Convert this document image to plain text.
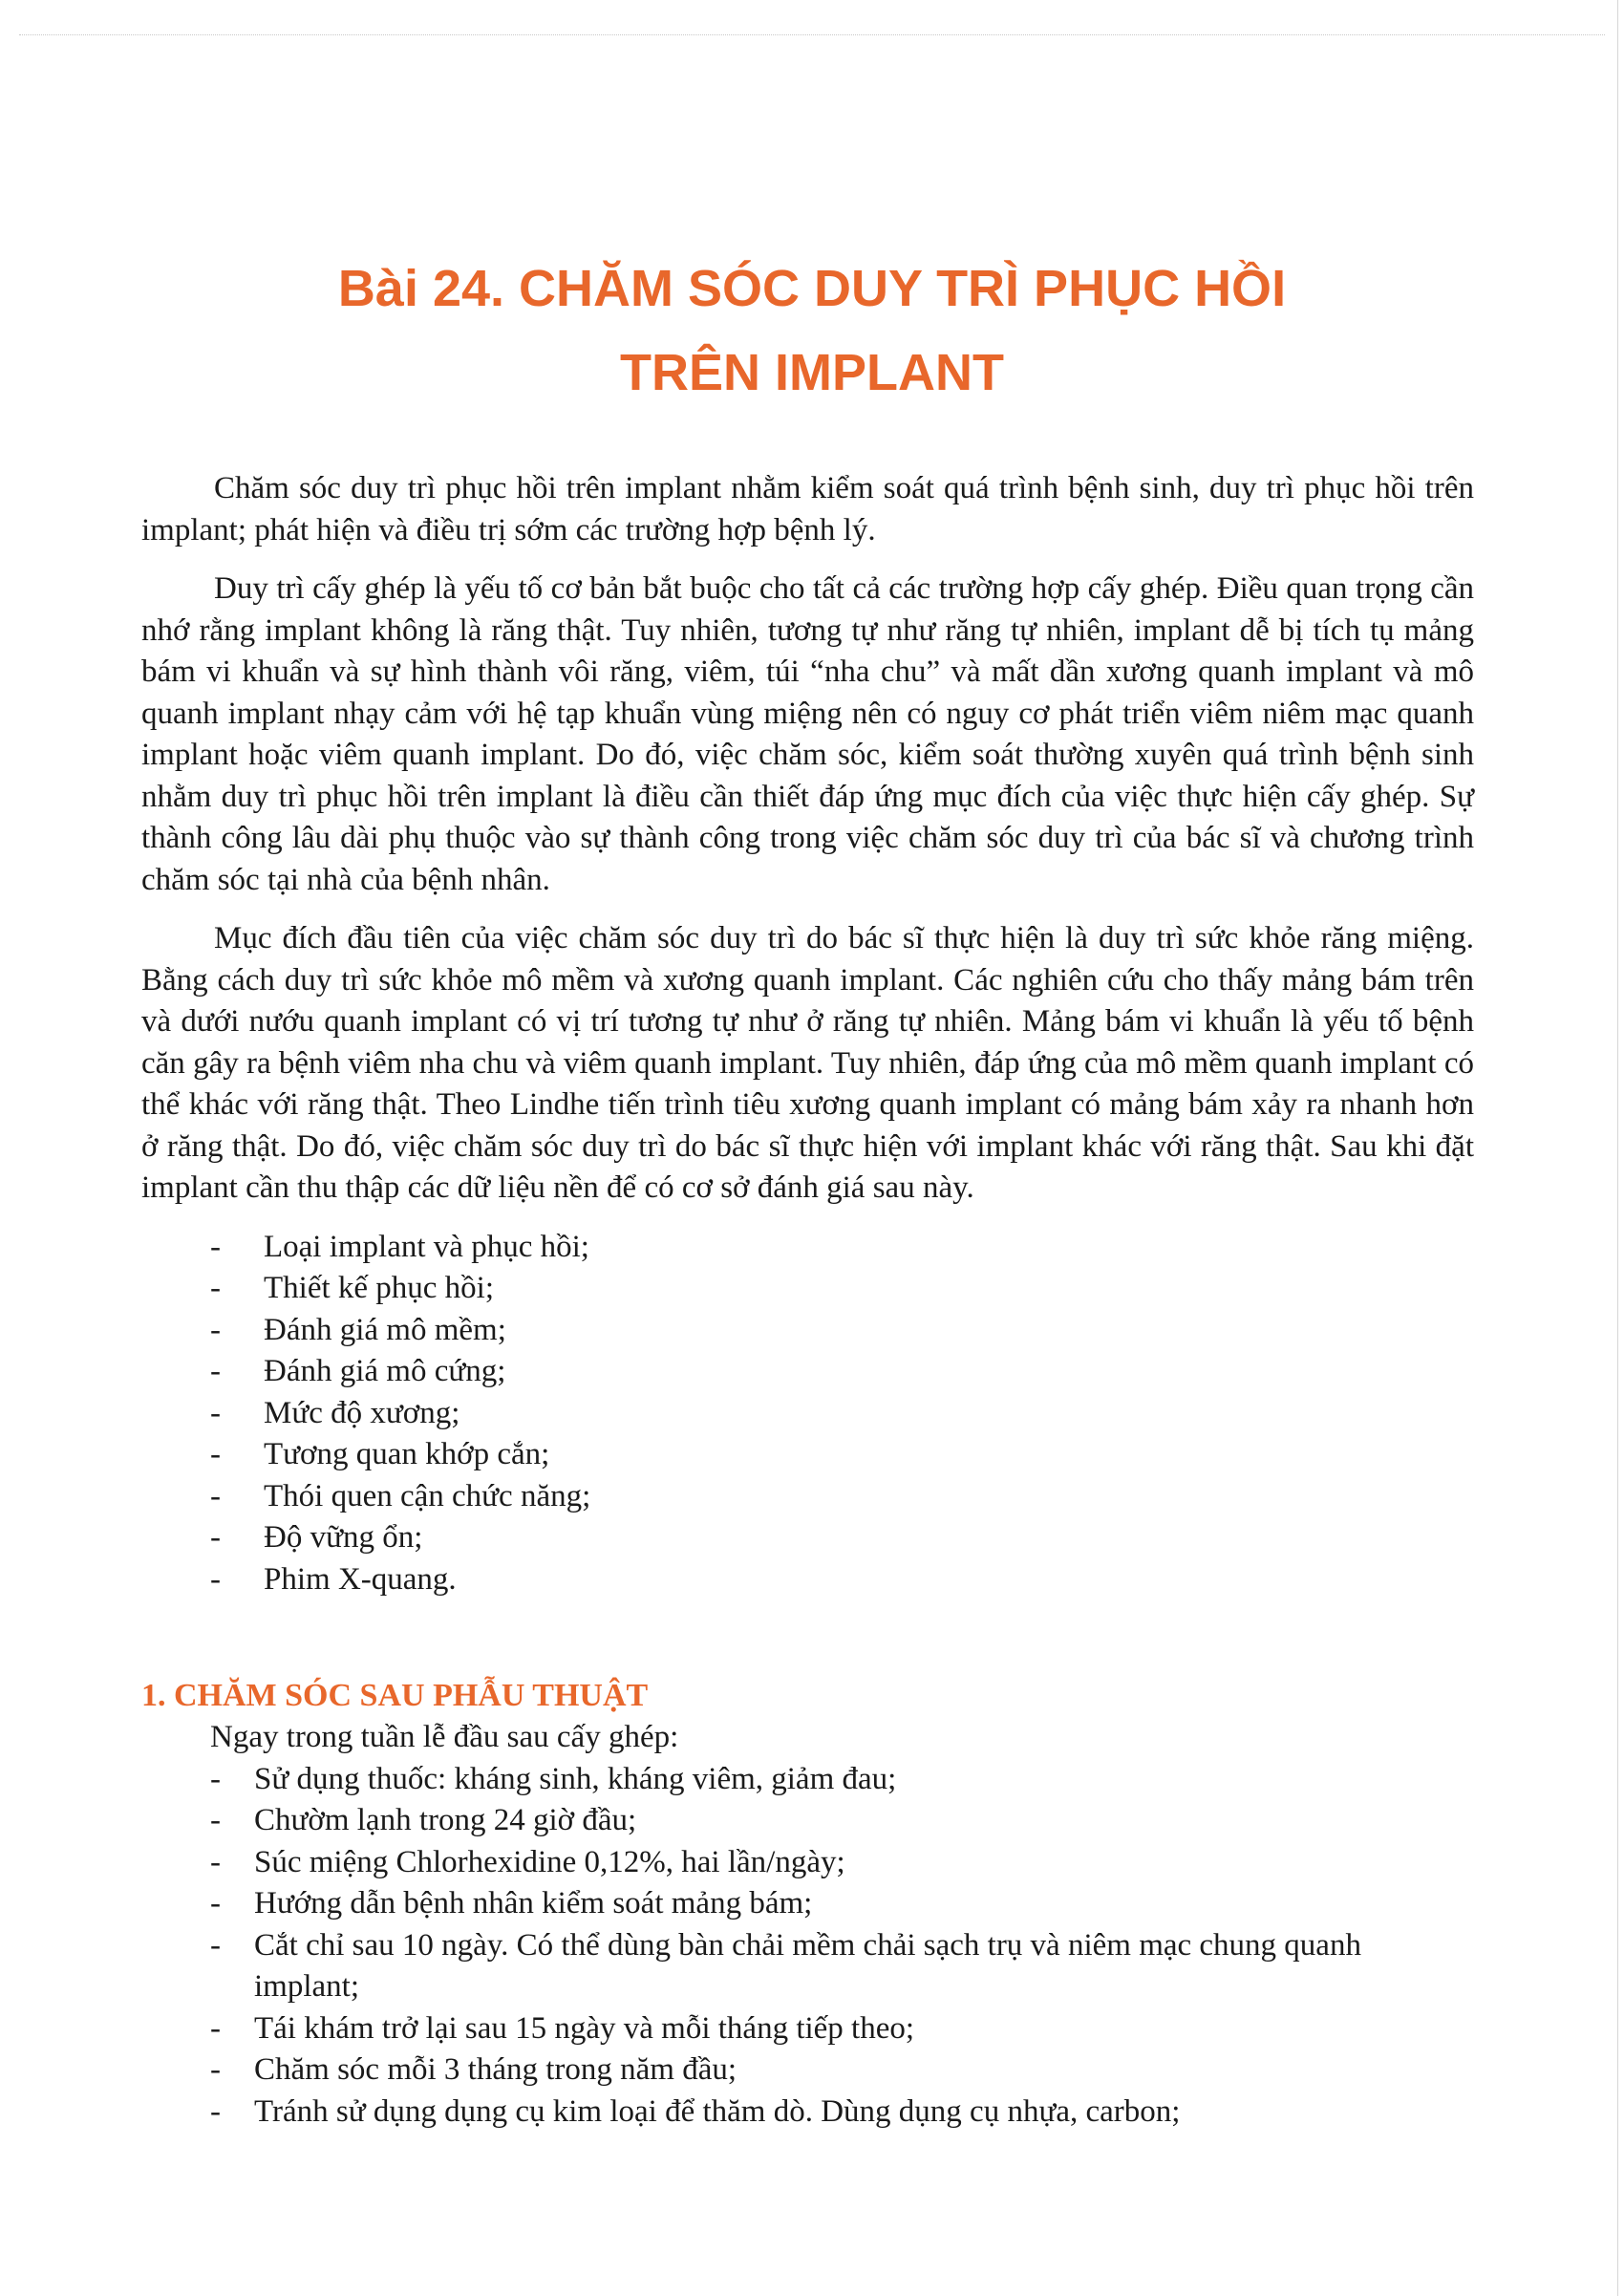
Bài 24. CHĂM SÓC DUY TRÌ PHỤC HỒI
TRÊN IMPLANT

Chăm sóc duy trì phục hồi trên implant nhằm kiểm soát quá trình bệnh sinh, duy trì phục hồi trên implant; phát hiện và điều trị sớm các trường hợp bệnh lý.

Duy trì cấy ghép là yếu tố cơ bản bắt buộc cho tất cả các trường hợp cấy ghép. Điều quan trọng cần nhớ rằng implant không là răng thật. Tuy nhiên, tương tự như răng tự nhiên, implant dễ bị tích tụ mảng bám vi khuẩn và sự hình thành vôi răng, viêm, túi “nha chu” và mất dần xương quanh implant và mô quanh implant nhạy cảm với hệ tạp khuẩn vùng miệng nên có nguy cơ phát triển viêm niêm mạc quanh implant hoặc viêm quanh implant. Do đó, việc chăm sóc, kiểm soát thường xuyên quá trình bệnh sinh nhằm duy trì phục hồi trên implant là điều cần thiết đáp ứng mục đích của việc thực hiện cấy ghép. Sự thành công lâu dài phụ thuộc vào sự thành công trong việc chăm sóc duy trì của bác sĩ và chương trình chăm sóc tại nhà của bệnh nhân.

Mục đích đầu tiên của việc chăm sóc duy trì do bác sĩ thực hiện là duy trì sức khỏe răng miệng. Bằng cách duy trì sức khỏe mô mềm và xương quanh implant. Các nghiên cứu cho thấy mảng bám trên và dưới nướu quanh implant có vị trí tương tự như ở răng tự nhiên. Mảng bám vi khuẩn là yếu tố bệnh căn gây ra bệnh viêm nha chu và viêm quanh implant. Tuy nhiên, đáp ứng của mô mềm quanh implant có thể khác với răng thật. Theo Lindhe tiến trình tiêu xương quanh implant có mảng bám xảy ra nhanh hơn ở răng thật. Do đó, việc chăm sóc duy trì do bác sĩ thực hiện với implant khác với răng thật. Sau khi đặt implant cần thu thập các dữ liệu nền để có cơ sở đánh giá sau này.

- Loại implant và phục hồi;
- Thiết kế phục hồi;
- Đánh giá mô mềm;
- Đánh giá mô cứng;
- Mức độ xương;
- Tương quan khớp cắn;
- Thói quen cận chức năng;
- Độ vững ổn;
- Phim X-quang.
1. CHĂM SÓC SAU PHẪU THUẬT

Ngay trong tuần lễ đầu sau cấy ghép:

- Sử dụng thuốc: kháng sinh, kháng viêm, giảm đau;
- Chườm lạnh trong 24 giờ đầu;
- Súc miệng Chlorhexidine 0,12%, hai lần/ngày;
- Hướng dẫn bệnh nhân kiểm soát mảng bám;
- Cắt chỉ sau 10 ngày. Có thể dùng bàn chải mềm chải sạch trụ và niêm mạc chung quanh implant;
- Tái khám trở lại sau 15 ngày và mỗi tháng tiếp theo;
- Chăm sóc mỗi 3 tháng trong năm đầu;
- Tránh sử dụng dụng cụ kim loại để thăm dò. Dùng dụng cụ nhựa, carbon;
